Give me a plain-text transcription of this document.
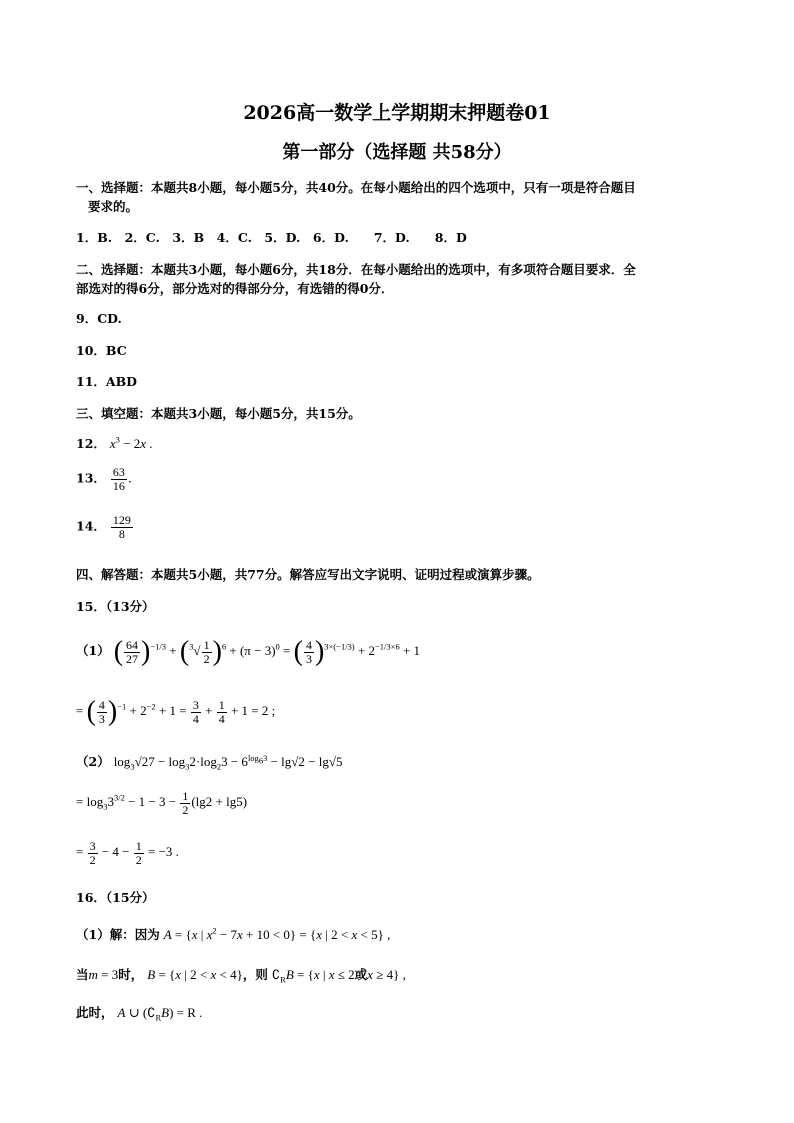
2026高一数学上学期期末押题卷01
第一部分（选择题 共58分）
一、选择题：本题共8小题，每小题5分，共40分。在每小题给出的四个选项中，只有一项是符合题目
要求的。
1．B.　2．C.　3．B　4．C.　5．D.　6．D.　　7．D.　　8．D
二、选择题：本题共3小题，每小题6分，共18分．在每小题给出的选项中，有多项符合题目要求．全
部选对的得6分，部分选对的得部分分，有选错的得0分．
9．CD.
10．BC
11．ABD
三、填空题：本题共3小题，每小题5分，共15分。
12． $x^3 - 2x$ .
13． $\frac{63}{16}$ .
14． $\frac{129}{8}$
四、解答题：本题共5小题，共77分。解答应写出文字说明、证明过程或演算步骤。
15．（13分）
（1） ( $\frac{64}{27} )^{-1/3} + (^3√ \frac{1}{2} )^6 + (\pi - 3)^0$ = ( $\frac{4}{3} )^{3\times(-1/3)} + 2^{-1/3\times 6} + 1$
= ( $\frac{4}{3} )^{-1} + 2^{-2} + 1 = \frac{3}{4} + \frac{1}{4} + 1 = 2$ ;
（2） $\log_3√27 - \log_32\cdot\log_23 - 6^{log_63} - \lg√2 - \lg√5$
= $\log_33^{3/2} - 1 - 3 - \frac{1}{2} (\lg 2 + \lg 5)$
= $\frac{3}{2} - 4 - \frac{1}{2} = -3$ .
16．（15分）
（1）解：因为 A = {x | $x^2 - 7x + 10 < 0\} = \{x$ | 2 < x < 5} ,
当m = 3时， B = {x | 2 < x < 4}，则 $∁_RB = \{x$ | x ≤ 2或x ≥ 4} ,
此时， A ∪ $(∁_RB) = R$ .
